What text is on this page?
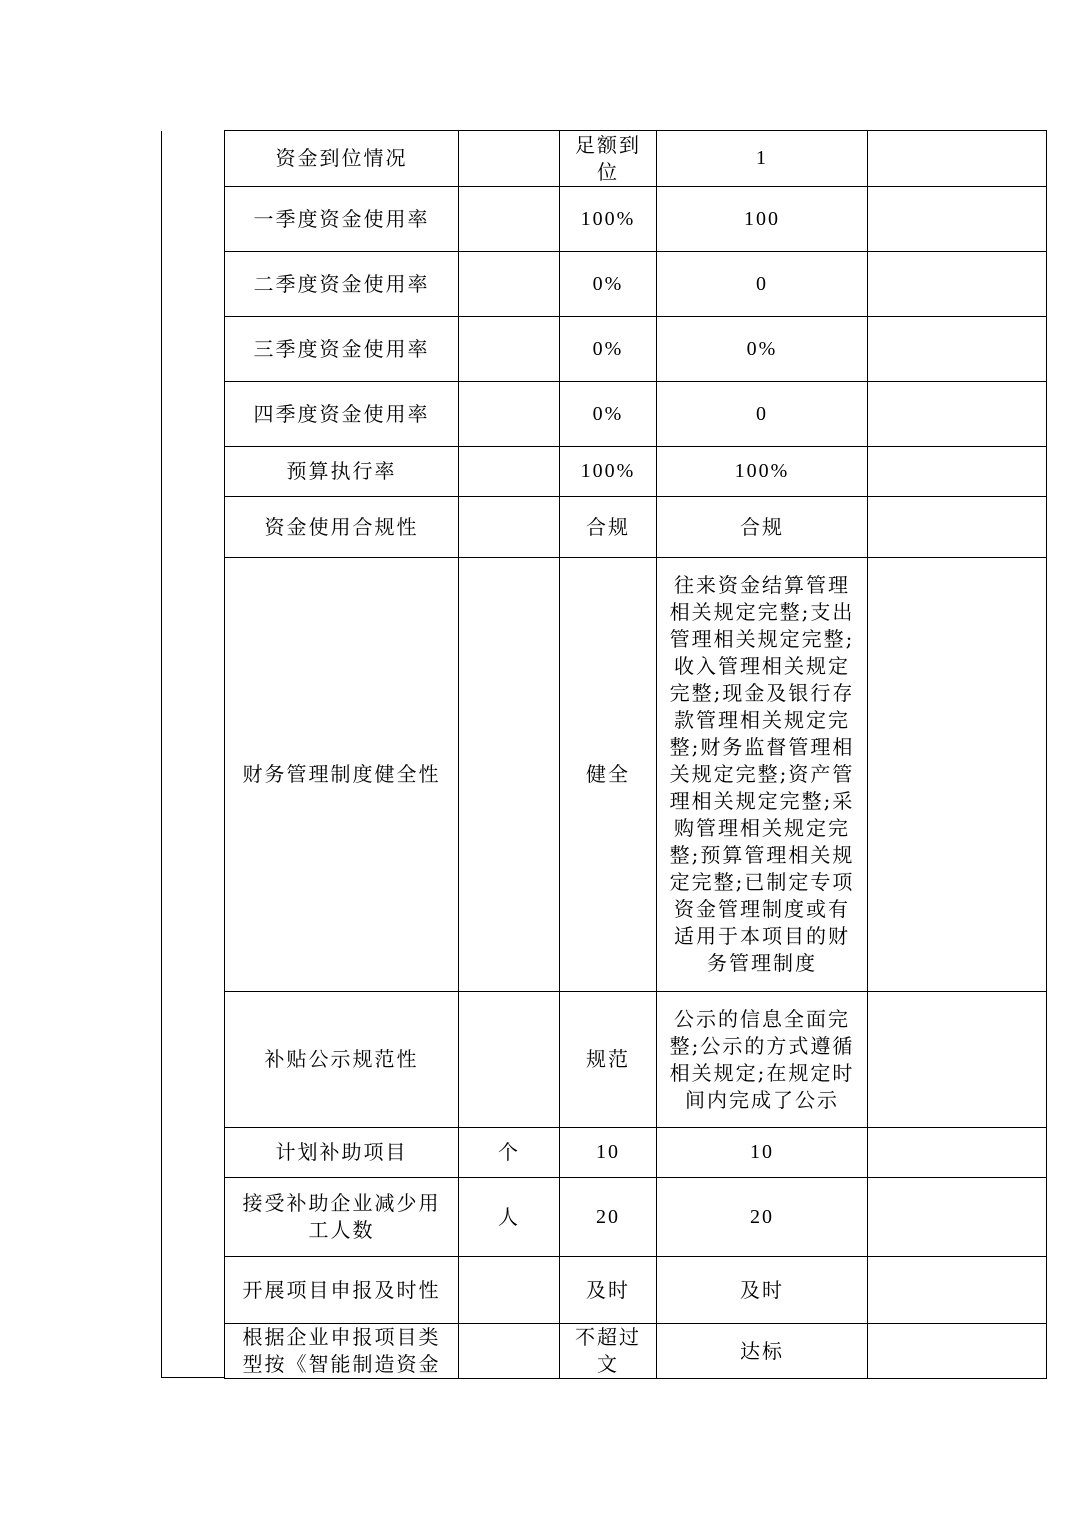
资金到位情况		足额到位	1	
一季度资金使用率		100%	100	
二季度资金使用率		0%	0	
三季度资金使用率		0%	0%	
四季度资金使用率		0%	0	
预算执行率		100%	100%	
资金使用合规性		合规	合规	
财务管理制度健全性		健全	往来资金结算管理相关规定完整;支出管理相关规定完整;收入管理相关规定完整;现金及银行存款管理相关规定完整;财务监督管理相关规定完整;资产管理相关规定完整;采购管理相关规定完整;预算管理相关规定完整;已制定专项资金管理制度或有适用于本项目的财务管理制度	
补贴公示规范性		规范	公示的信息全面完整;公示的方式遵循相关规定;在规定时间内完成了公示	
计划补助项目	个	10	10	
接受补助企业减少用工人数	人	20	20	
开展项目申报及时性		及时	及时	
根据企业申报项目类型按《智能制造资金		不超过文	达标	
